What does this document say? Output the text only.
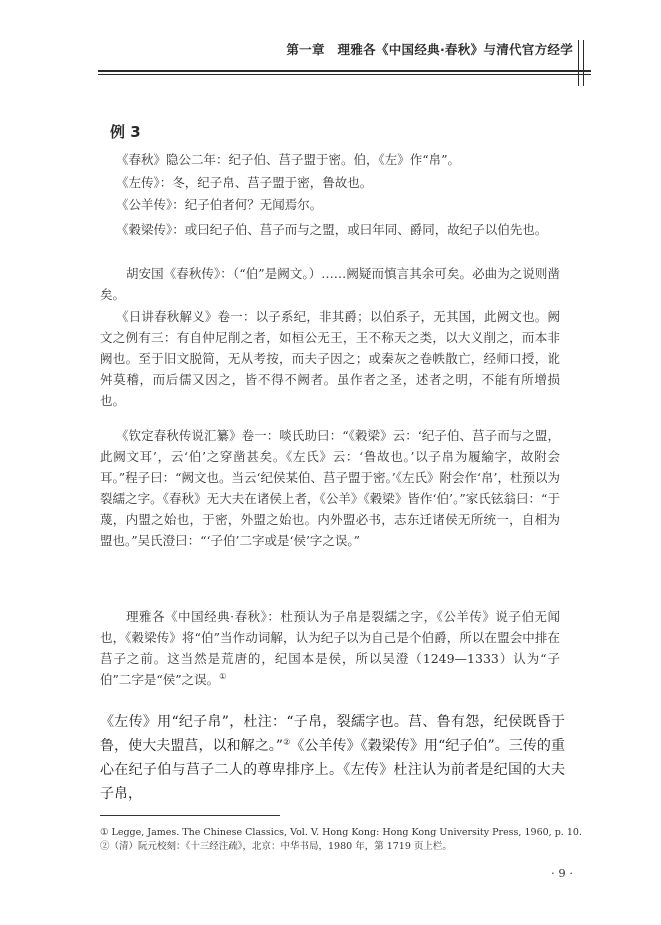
第一章　理雅各《中国经典·春秋》与清代官方经学
例 3
《春秋》隐公二年：纪子伯、莒子盟于密。伯，《左》作“帛”。
《左传》：冬，纪子帛、莒子盟于密，鲁故也。
《公羊传》：纪子伯者何？无闻焉尔。
《穀梁传》：或曰纪子伯、莒子而与之盟，或曰年同、爵同，故纪子以伯先也。
胡安国《春秋传》：（“伯”是阙文。）……阙疑而慎言其余可矣。必曲为之说则凿矣。
《日讲春秋解义》卷一：以子系纪，非其爵；以伯系子，无其国，此阙文也。阙文之例有三：有自仲尼削之者，如桓公无王，王不称天之类，以大义削之，而本非阙也。至于旧文脱简，无从考按，而夫子因之；或秦灰之卷帙散亡，经师口授，讹舛莫稽，而后儒又因之，皆不得不阙者。虽作者之圣，述者之明，不能有所增损也。
《钦定春秋传说汇纂》卷一：啖氏助曰：“《穀梁》云：‘纪子伯、莒子而与之盟，此阙文耳’，云‘伯’之穿凿甚矣。《左氏》云：‘鲁故也。’以子帛为履緰字，故附会耳。”程子曰：“阙文也。当云‘纪侯某伯、莒子盟于密。’《左氏》附会作‘帛’，杜预以为裂繻之字。《春秋》无大夫在诸侯上者，《公羊》《穀梁》皆作‘伯’。”家氏铉翁曰：“于蔑，内盟之始也，于密，外盟之始也。内外盟必书，志东迁诸侯无所统一，自相为盟也。”吴氏澄曰：“‘子伯’二字或是‘侯’字之误。”
理雅各《中国经典·春秋》：杜预认为子帛是裂繻之字，《公羊传》说子伯无闻也，《穀梁传》将“伯”当作动词解，认为纪子以为自己是个伯爵，所以在盟会中排在莒子之前。这当然是荒唐的，纪国本是侯，所以吴澄（1249—1333）认为“子伯”二字是“侯”之误。①
《左传》用“纪子帛”，杜注：“子帛，裂繻字也。莒、鲁有怨，纪侯既昏于鲁，使大夫盟莒，以和解之。”②《公羊传》《穀梁传》用“纪子伯”。三传的重心在纪子伯与莒子二人的尊卑排序上。《左传》杜注认为前者是纪国的大夫子帛，
① Legge, James. The Chinese Classics, Vol. V. Hong Kong: Hong Kong University Press, 1960, p. 10.
②（清）阮元校刻：《十三经注疏》，北京：中华书局，1980 年，第 1719 页上栏。
· 9 ·
